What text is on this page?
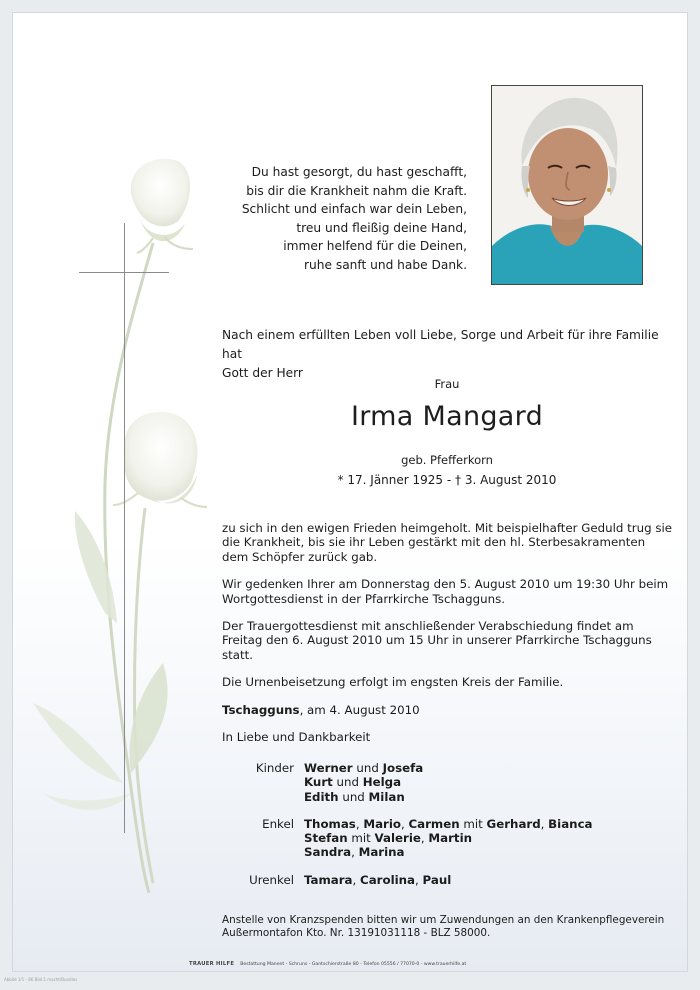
Du hast gesorgt, du hast geschafft,
bis dir die Krankheit nahm die Kraft.
Schlicht und einfach war dein Leben,
treu und fleißig deine Hand,
immer helfend für die Deinen,
ruhe sanft und habe Dank.
Nach einem erfüllten Leben voll Liebe, Sorge und Arbeit für ihre Familie hat
Gott der Herr
Frau
Irma Mangard
geb. Pfefferkorn
* 17. Jänner 1925 - † 3. August 2010

zu sich in den ewigen Frieden heimgeholt. Mit beispielhafter Geduld trug sie die Krankheit, bis sie ihr Leben gestärkt mit den hl. Sterbesakramenten dem Schöpfer zurück gab.

Wir gedenken Ihrer am Donnerstag den 5. August 2010 um 19:30 Uhr beim Wortgottesdienst in der Pfarrkirche Tschagguns.

Der Trauergottesdienst mit anschließender Verabschiedung findet am Freitag den 6. August 2010 um 15 Uhr in unserer Pfarrkirche Tschagguns statt.

Die Urnenbeisetzung erfolgt im engsten Kreis der Familie.

Tschagguns, am 4. August 2010

In Liebe und Dankbarkeit

Kinder Werner und Josefa
Kurt und Helga
Edith und Milan
Enkel Thomas, Mario, Carmen mit Gerhard, Bianca
Stefan mit Valerie, Martin
Sandra, Marina
Urenkel Tamara, Carolina, Paul
Anstelle von Kranzspenden bitten wir um Zuwendungen an den Krankenpflegeverein Außermontafon Kto. Nr. 13191031118 - BLZ 58000.
TRAUER HILFE Bestattung Manent - Schruns - Gantschierstraße 80 - Telefon 05556 / 77070-0 - www.trauerhilfe.at
Abbild 1/1 - 86 Bild 1 macht/Bundles
